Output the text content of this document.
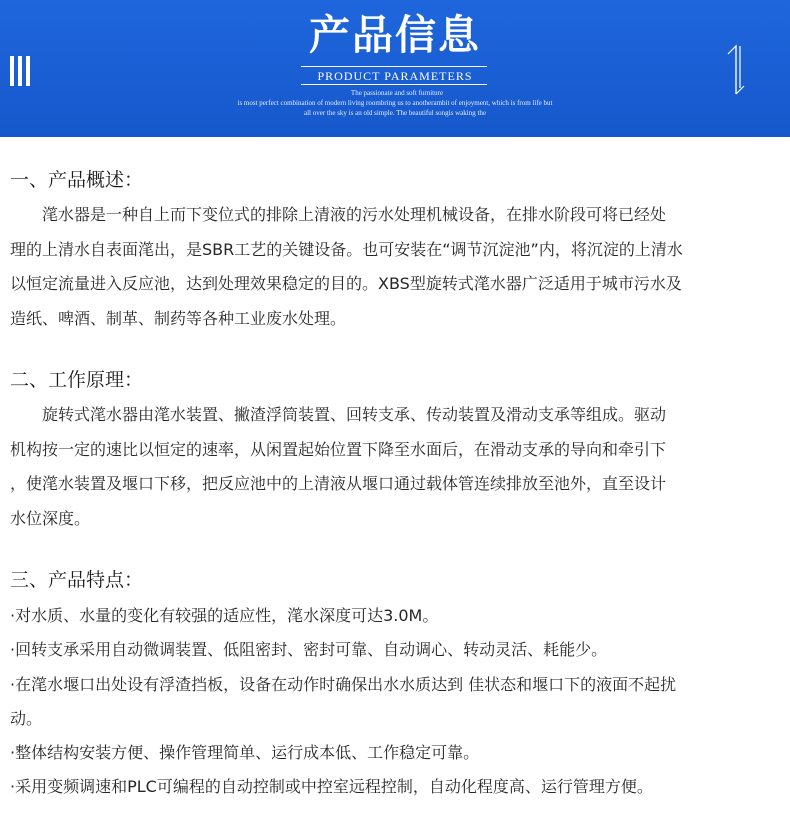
产品信息
PRODUCT PARAMETERS
The passionate and soft furniture
is most perfect combination of modern living roombring us to anotherambit of enjoyment, which is from life but
all over the sky is an old simple. The beautiful songis waking the
一、产品概述：
　　滗水器是一种自上而下变位式的排除上清液的污水处理机械设备，在排水阶段可将已经处
理的上清水自表面滗出，是SBR工艺的关键设备。也可安装在“调节沉淀池”内，将沉淀的上清水
以恒定流量进入反应池，达到处理效果稳定的目的。XBS型旋转式滗水器广泛适用于城市污水及
造纸、啤酒、制革、制药等各种工业废水处理。
二、工作原理：
　　旋转式滗水器由滗水装置、撇渣浮筒装置、回转支承、传动装置及滑动支承等组成。驱动
机构按一定的速比以恒定的速率，从闲置起始位置下降至水面后，在滑动支承的导向和牵引下
，使滗水装置及堰口下移，把反应池中的上清液从堰口通过载体管连续排放至池外，直至设计
水位深度。
三、产品特点：
·对水质、水量的变化有较强的适应性，滗水深度可达3.0M。
·回转支承采用自动微调装置、低阻密封、密封可靠、自动调心、转动灵活、耗能少。
·在滗水堰口出处设有浮渣挡板，设备在动作时确保出水水质达到 佳状态和堰口下的液面不起扰
动。
·整体结构安装方便、操作管理简单、运行成本低、工作稳定可靠。
·采用变频调速和PLC可编程的自动控制或中控室远程控制，自动化程度高、运行管理方便。
